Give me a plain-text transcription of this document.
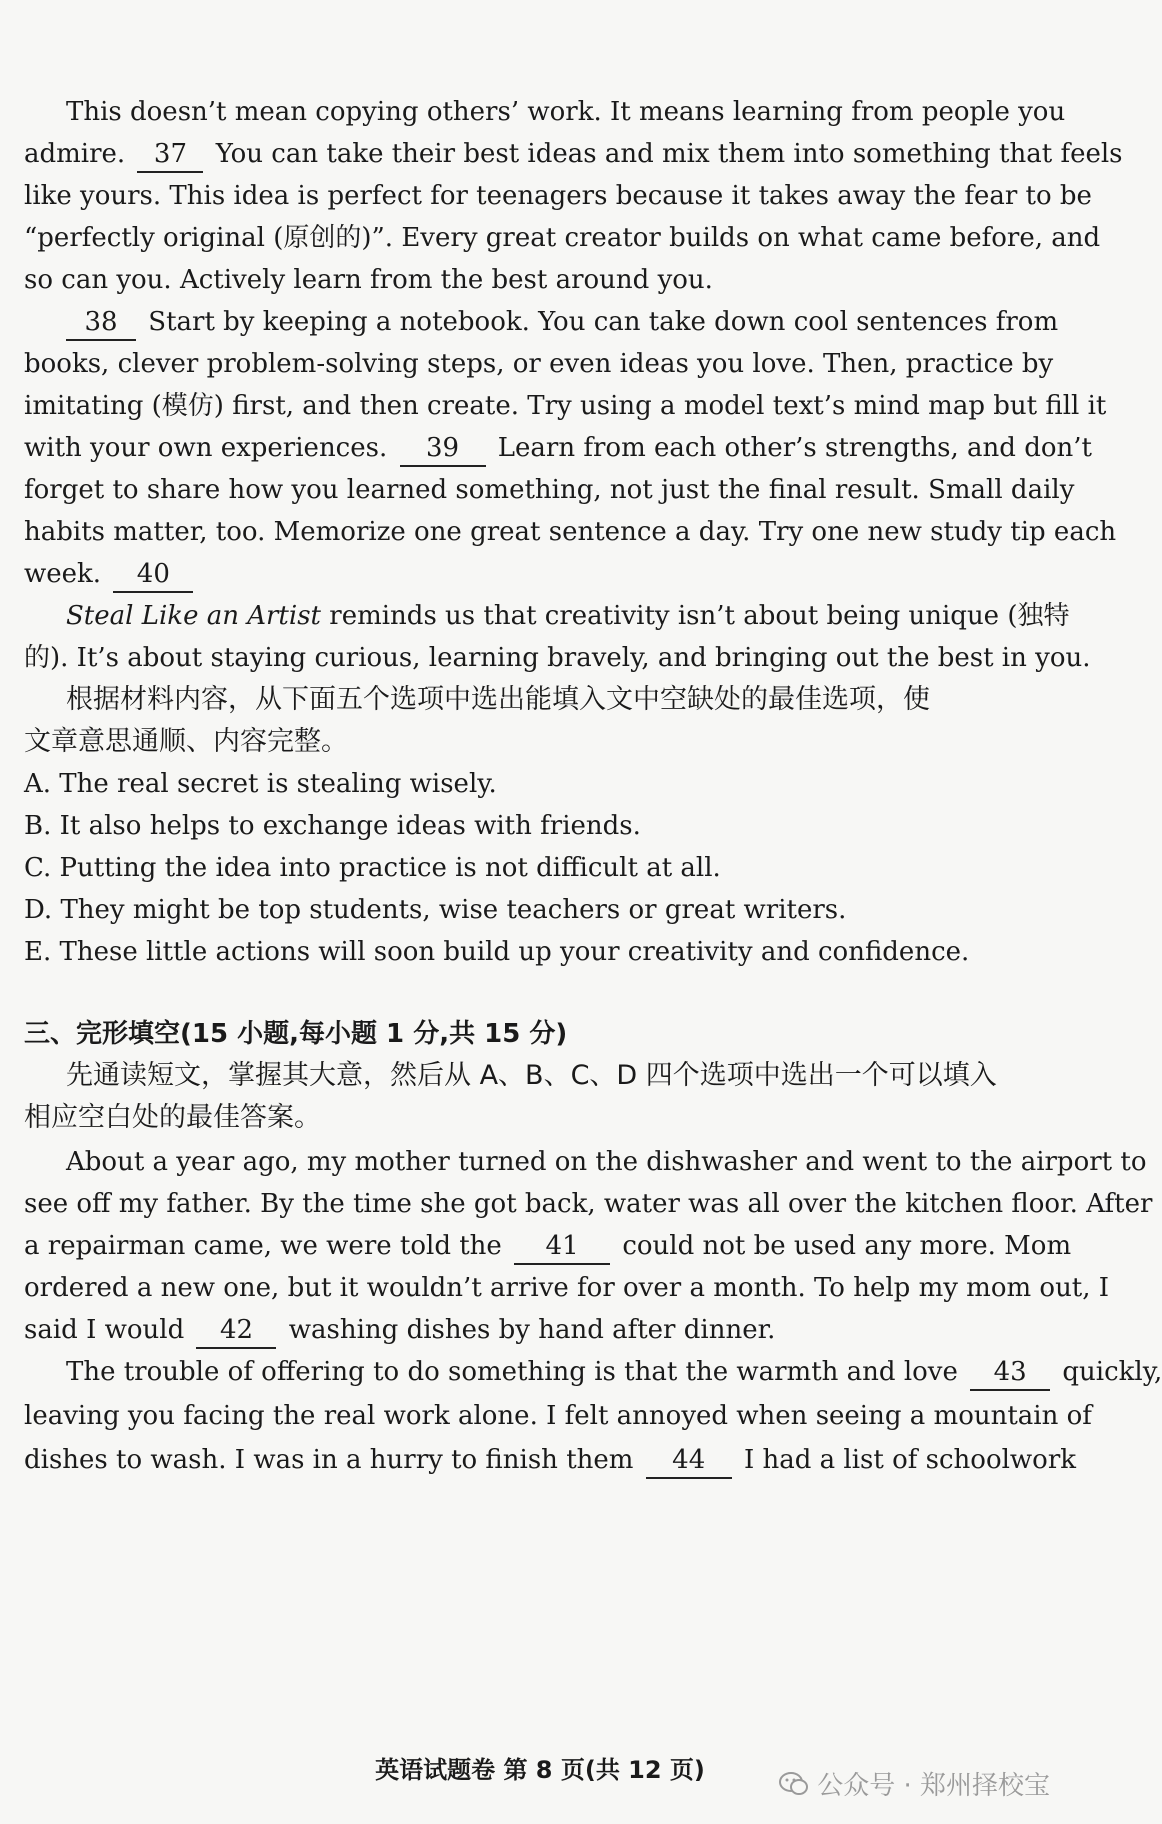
This doesn’t mean copying others’ work. It means learning from people you
admire. 37 You can take their best ideas and mix them into something that feels
like yours. This idea is perfect for teenagers because it takes away the fear to be
“perfectly original (原创的)”. Every great creator builds on what came before, and
so can you. Actively learn from the best around you.
38 Start by keeping a notebook. You can take down cool sentences from
books, clever problem-solving steps, or even ideas you love. Then, practice by
imitating (模仿) first, and then create. Try using a model text’s mind map but fill it
with your own experiences. 39 Learn from each other’s strengths, and don’t
forget to share how you learned something, not just the final result. Small daily
habits matter, too. Memorize one great sentence a day. Try one new study tip each
week. 40
Steal Like an Artist reminds us that creativity isn’t about being unique (独特
的). It’s about staying curious, learning bravely, and bringing out the best in you.
根据材料内容，从下面五个选项中选出能填入文中空缺处的最佳选项，使
文章意思通顺、内容完整。
A. The real secret is stealing wisely.
B. It also helps to exchange ideas with friends.
C. Putting the idea into practice is not difficult at all.
D. They might be top students, wise teachers or great writers.
E. These little actions will soon build up your creativity and confidence.
三、完形填空(15 小题,每小题 1 分,共 15 分)
先通读短文，掌握其大意，然后从 A、B、C、D 四个选项中选出一个可以填入
相应空白处的最佳答案。
About a year ago, my mother turned on the dishwasher and went to the airport to
see off my father. By the time she got back, water was all over the kitchen floor. After
a repairman came, we were told the 41 could not be used any more. Mom
ordered a new one, but it wouldn’t arrive for over a month. To help my mom out, I
said I would 42 washing dishes by hand after dinner.
The trouble of offering to do something is that the warmth and love 43 quickly,
leaving you facing the real work alone. I felt annoyed when seeing a mountain of
dishes to wash. I was in a hurry to finish them 44 I had a list of schoolwork
英语试题卷 第 8 页(共 12 页)
公众号 · 郑州择校宝
